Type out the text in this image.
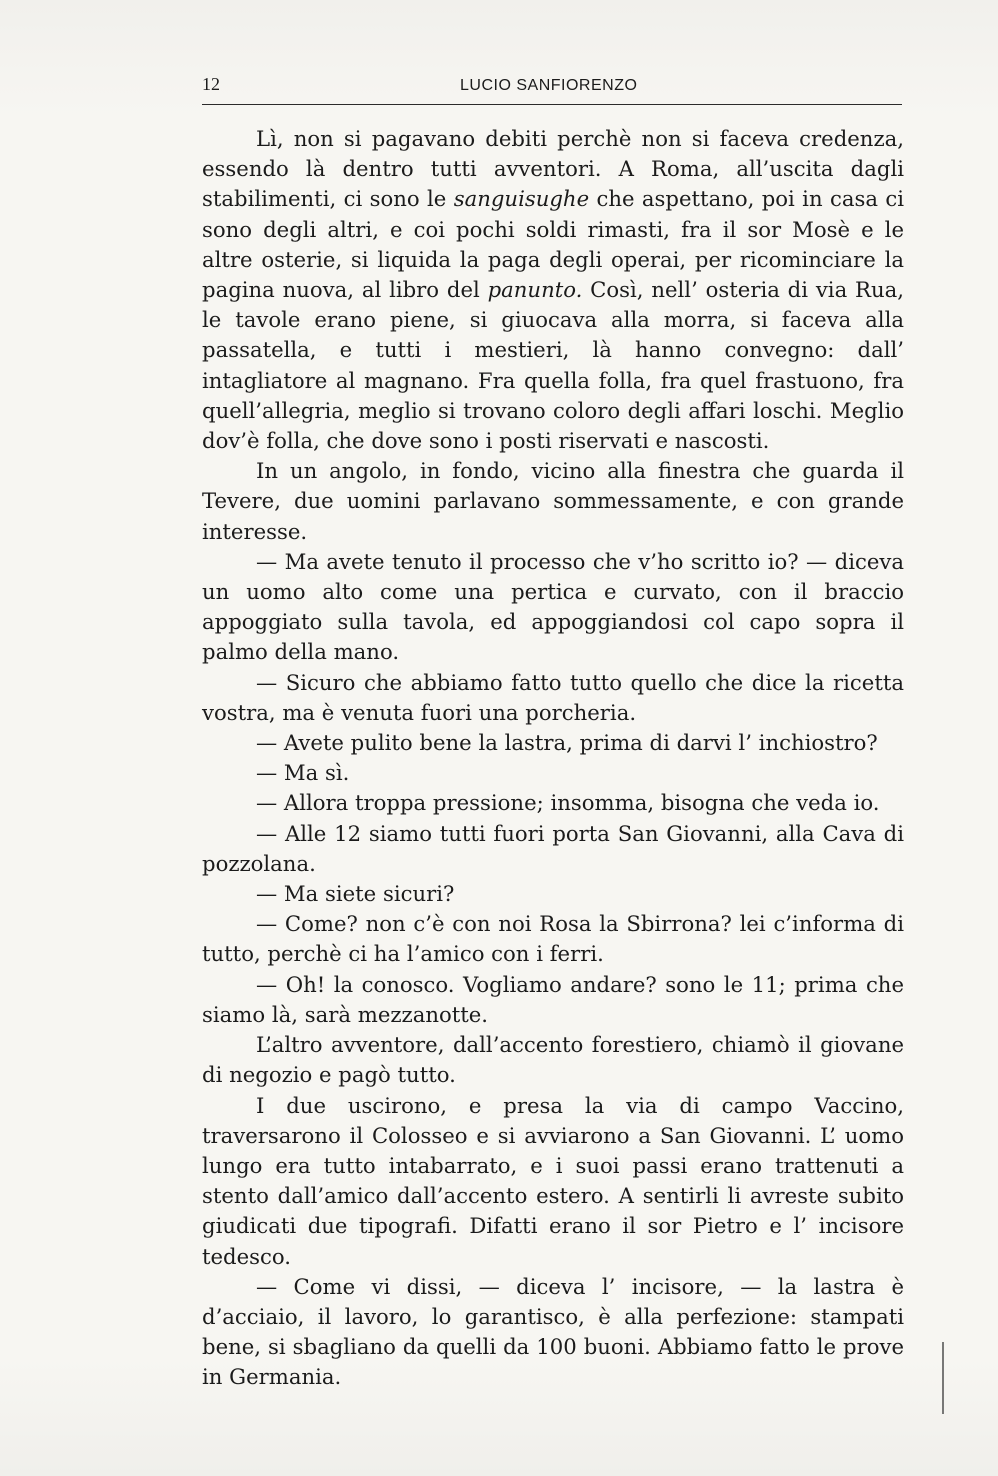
12	LUCIO SANFIORENZO

Lì, non si pagavano debiti perchè non si faceva credenza, essendo là dentro tutti avventori. A Roma, all’uscita dagli stabilimenti, ci sono le sanguisughe che aspettano, poi in casa ci sono degli altri, e coi pochi soldi rimasti, fra il sor Mosè e le altre osterie, si liquida la paga degli operai, per ricominciare la pagina nuova, al libro del panunto. Così, nell’ osteria di via Rua, le tavole erano piene, si giuocava alla morra, si faceva alla passatella, e tutti i mestieri, là hanno convegno: dall’ intagliatore al magnano. Fra quella folla, fra quel frastuono, fra quell’allegria, meglio si trovano coloro degli affari loschi. Meglio dov’è folla, che dove sono i posti riservati e nascosti.

In un angolo, in fondo, vicino alla finestra che guarda il Tevere, due uomini parlavano sommessamente, e con grande interesse.

— Ma avete tenuto il processo che v’ho scritto io? — diceva un uomo alto come una pertica e curvato, con il braccio appoggiato sulla tavola, ed appoggiandosi col capo sopra il palmo della mano.

— Sicuro che abbiamo fatto tutto quello che dice la ricetta vostra, ma è venuta fuori una porcheria.

— Avete pulito bene la lastra, prima di darvi l’ inchiostro?

— Ma sì.

— Allora troppa pressione; insomma, bisogna che veda io.

— Alle 12 siamo tutti fuori porta San Giovanni, alla Cava di pozzolana.

— Ma siete sicuri?

— Come? non c’è con noi Rosa la Sbirrona? lei c’informa di tutto, perchè ci ha l’amico con i ferri.

— Oh! la conosco. Vogliamo andare? sono le 11; prima che siamo là, sarà mezzanotte.

L’altro avventore, dall’accento forestiero, chiamò il giovane di negozio e pagò tutto.

I due uscirono, e presa la via di campo Vaccino, traversarono il Colosseo e si avviarono a San Giovanni. L’ uomo lungo era tutto intabarrato, e i suoi passi erano trattenuti a stento dall’amico dall’accento estero. A sentirli li avreste subito giudicati due tipografi. Difatti erano il sor Pietro e l’ incisore tedesco.

— Come vi dissi, — diceva l’ incisore, — la lastra è d’acciaio, il lavoro, lo garantisco, è alla perfezione: stampati bene, si sbagliano da quelli da 100 buoni. Abbiamo fatto le prove in Germania.
